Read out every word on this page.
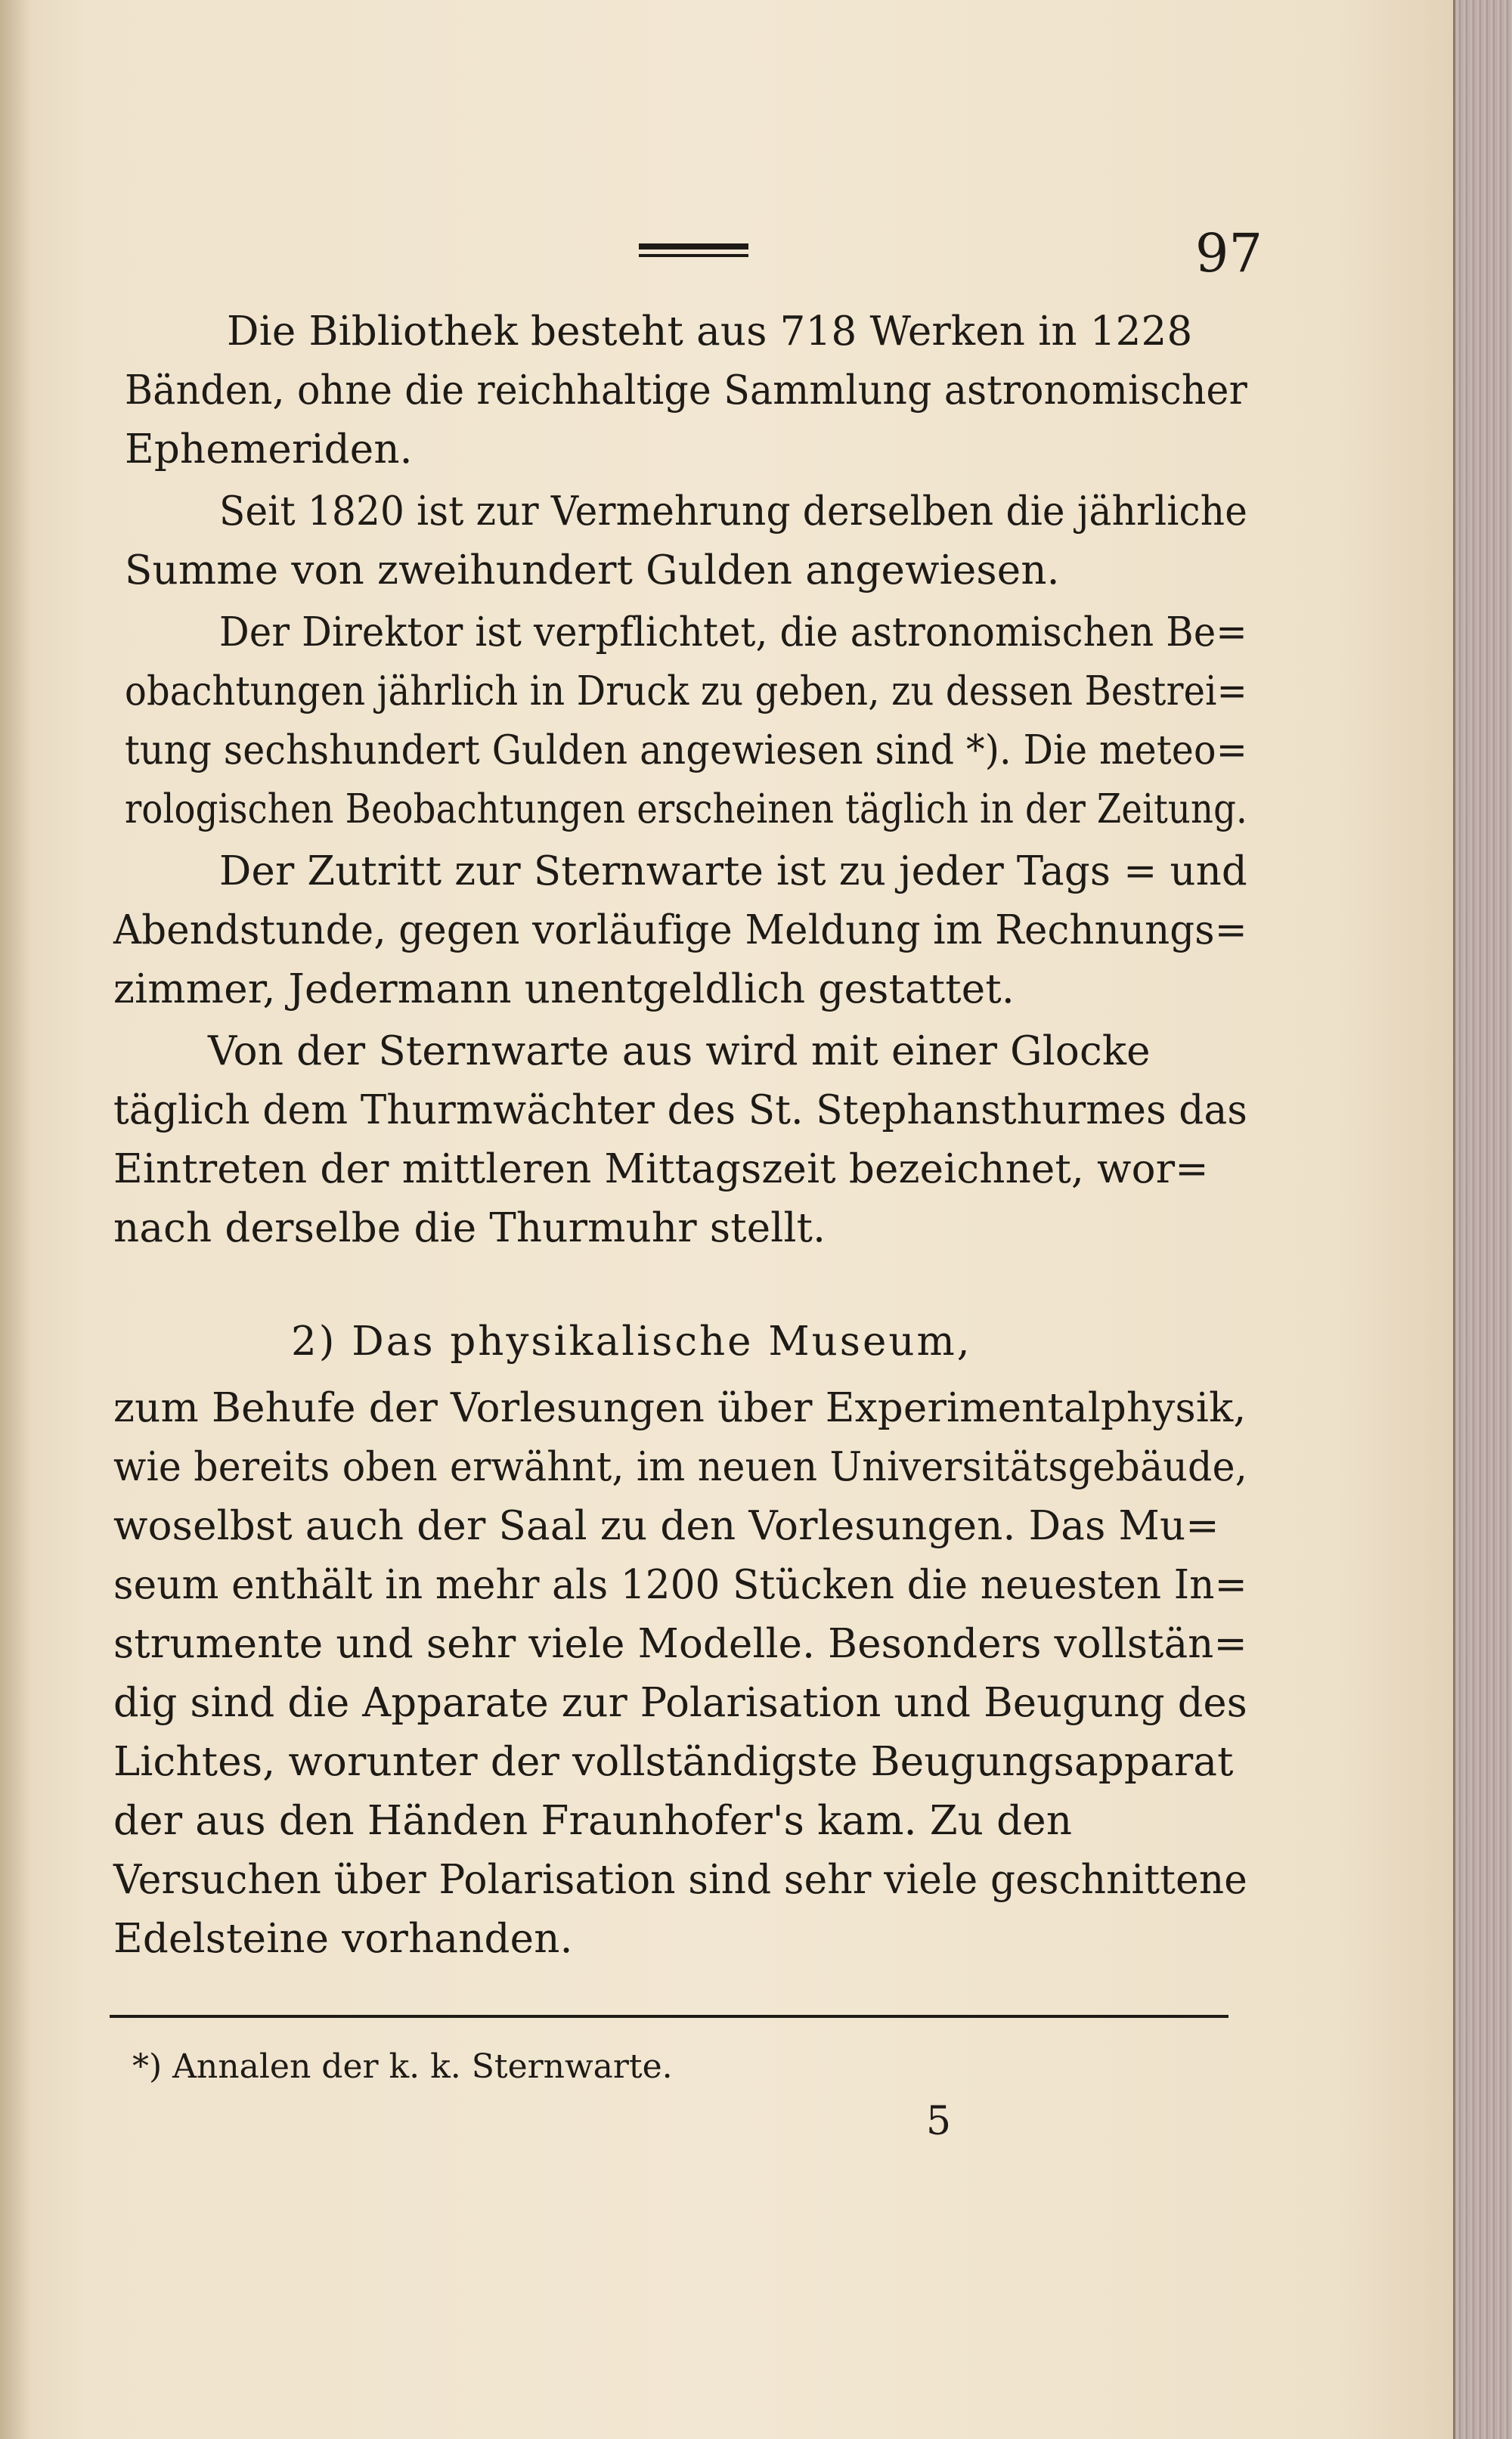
97
Die Bibliothek besteht aus 718 Werken in 1228
Bänden, ohne die reichhaltige Sammlung astronomischer
Ephemeriden.
Seit 1820 ist zur Vermehrung derselben die jährliche
Summe von zweihundert Gulden angewiesen.
Der Direktor ist verpflichtet, die astronomischen Be=
obachtungen jährlich in Druck zu geben, zu dessen Bestrei=
tung sechshundert Gulden angewiesen sind *). Die meteo=
rologischen Beobachtungen erscheinen täglich in der Zeitung.
Der Zutritt zur Sternwarte ist zu jeder Tags = und
Abendstunde, gegen vorläufige Meldung im Rechnungs=
zimmer, Jedermann unentgeldlich gestattet.
Von der Sternwarte aus wird mit einer Glocke
täglich dem Thurmwächter des St. Stephansthurmes das
Eintreten der mittleren Mittagszeit bezeichnet, wor=
nach derselbe die Thurmuhr stellt.
2) Das physikalische Museum,
zum Behufe der Vorlesungen über Experimentalphysik,
wie bereits oben erwähnt, im neuen Universitätsgebäude,
woselbst auch der Saal zu den Vorlesungen. Das Mu=
seum enthält in mehr als 1200 Stücken die neuesten In=
strumente und sehr viele Modelle. Besonders vollstän=
dig sind die Apparate zur Polarisation und Beugung des
Lichtes, worunter der vollständigste Beugungsapparat
der aus den Händen Fraunhofer's kam. Zu den
Versuchen über Polarisation sind sehr viele geschnittene
Edelsteine vorhanden.
*) Annalen der k. k. Sternwarte.
5
